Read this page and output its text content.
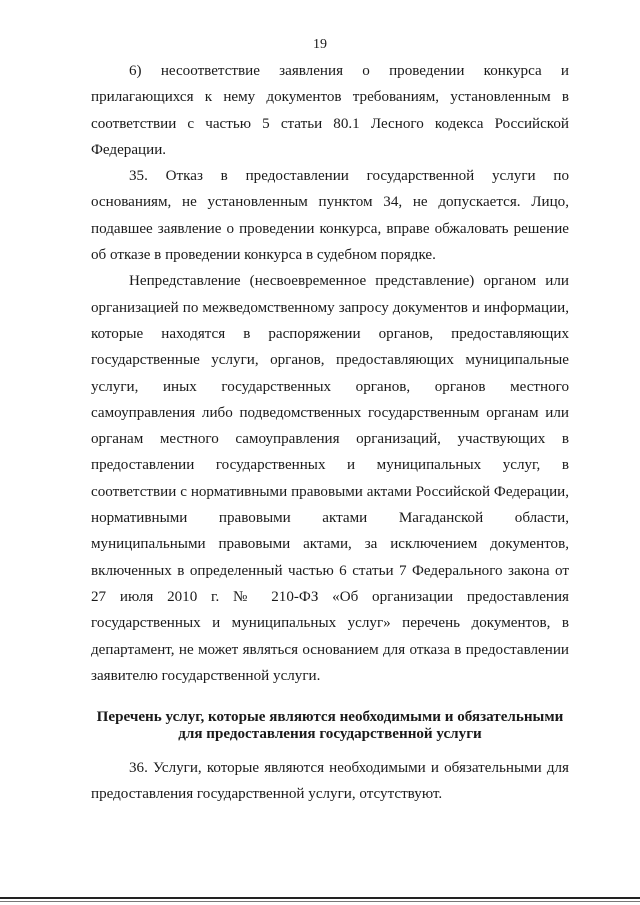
19

6) несоответствие заявления о проведении конкурса и прилагающихся к нему документов требованиям, установленным в соответствии с частью 5 статьи 80.1 Лесного кодекса Российской Федерации.

35. Отказ в предоставлении государственной услуги по основаниям, не установленным пунктом 34, не допускается. Лицо, подавшее заявление о проведении конкурса, вправе обжаловать решение об отказе в проведении конкурса в судебном порядке.

Непредставление (несвоевременное представление) органом или организацией по межведомственному запросу документов и информации, которые находятся в распоряжении органов, предоставляющих государственные услуги, органов, предоставляющих муниципальные услуги, иных государственных органов, органов местного самоуправления либо подведомственных государственным органам или органам местного самоуправления организаций, участвующих в предоставлении государственных и муниципальных услуг, в соответствии с нормативными правовыми актами Российской Федерации, нормативными правовыми актами Магаданской области, муниципальными правовыми актами, за исключением документов, включенных в определенный частью 6 статьи 7 Федерального закона от 27 июля 2010 г. № 210-ФЗ «Об организации предоставления государственных и муниципальных услуг» перечень документов, в департамент, не может являться основанием для отказа в предоставлении заявителю государственной услуги.

Перечень услуг, которые являются необходимыми и обязательными
для предоставления государственной услуги

36. Услуги, которые являются необходимыми и обязательными для предоставления государственной услуги, отсутствуют.
